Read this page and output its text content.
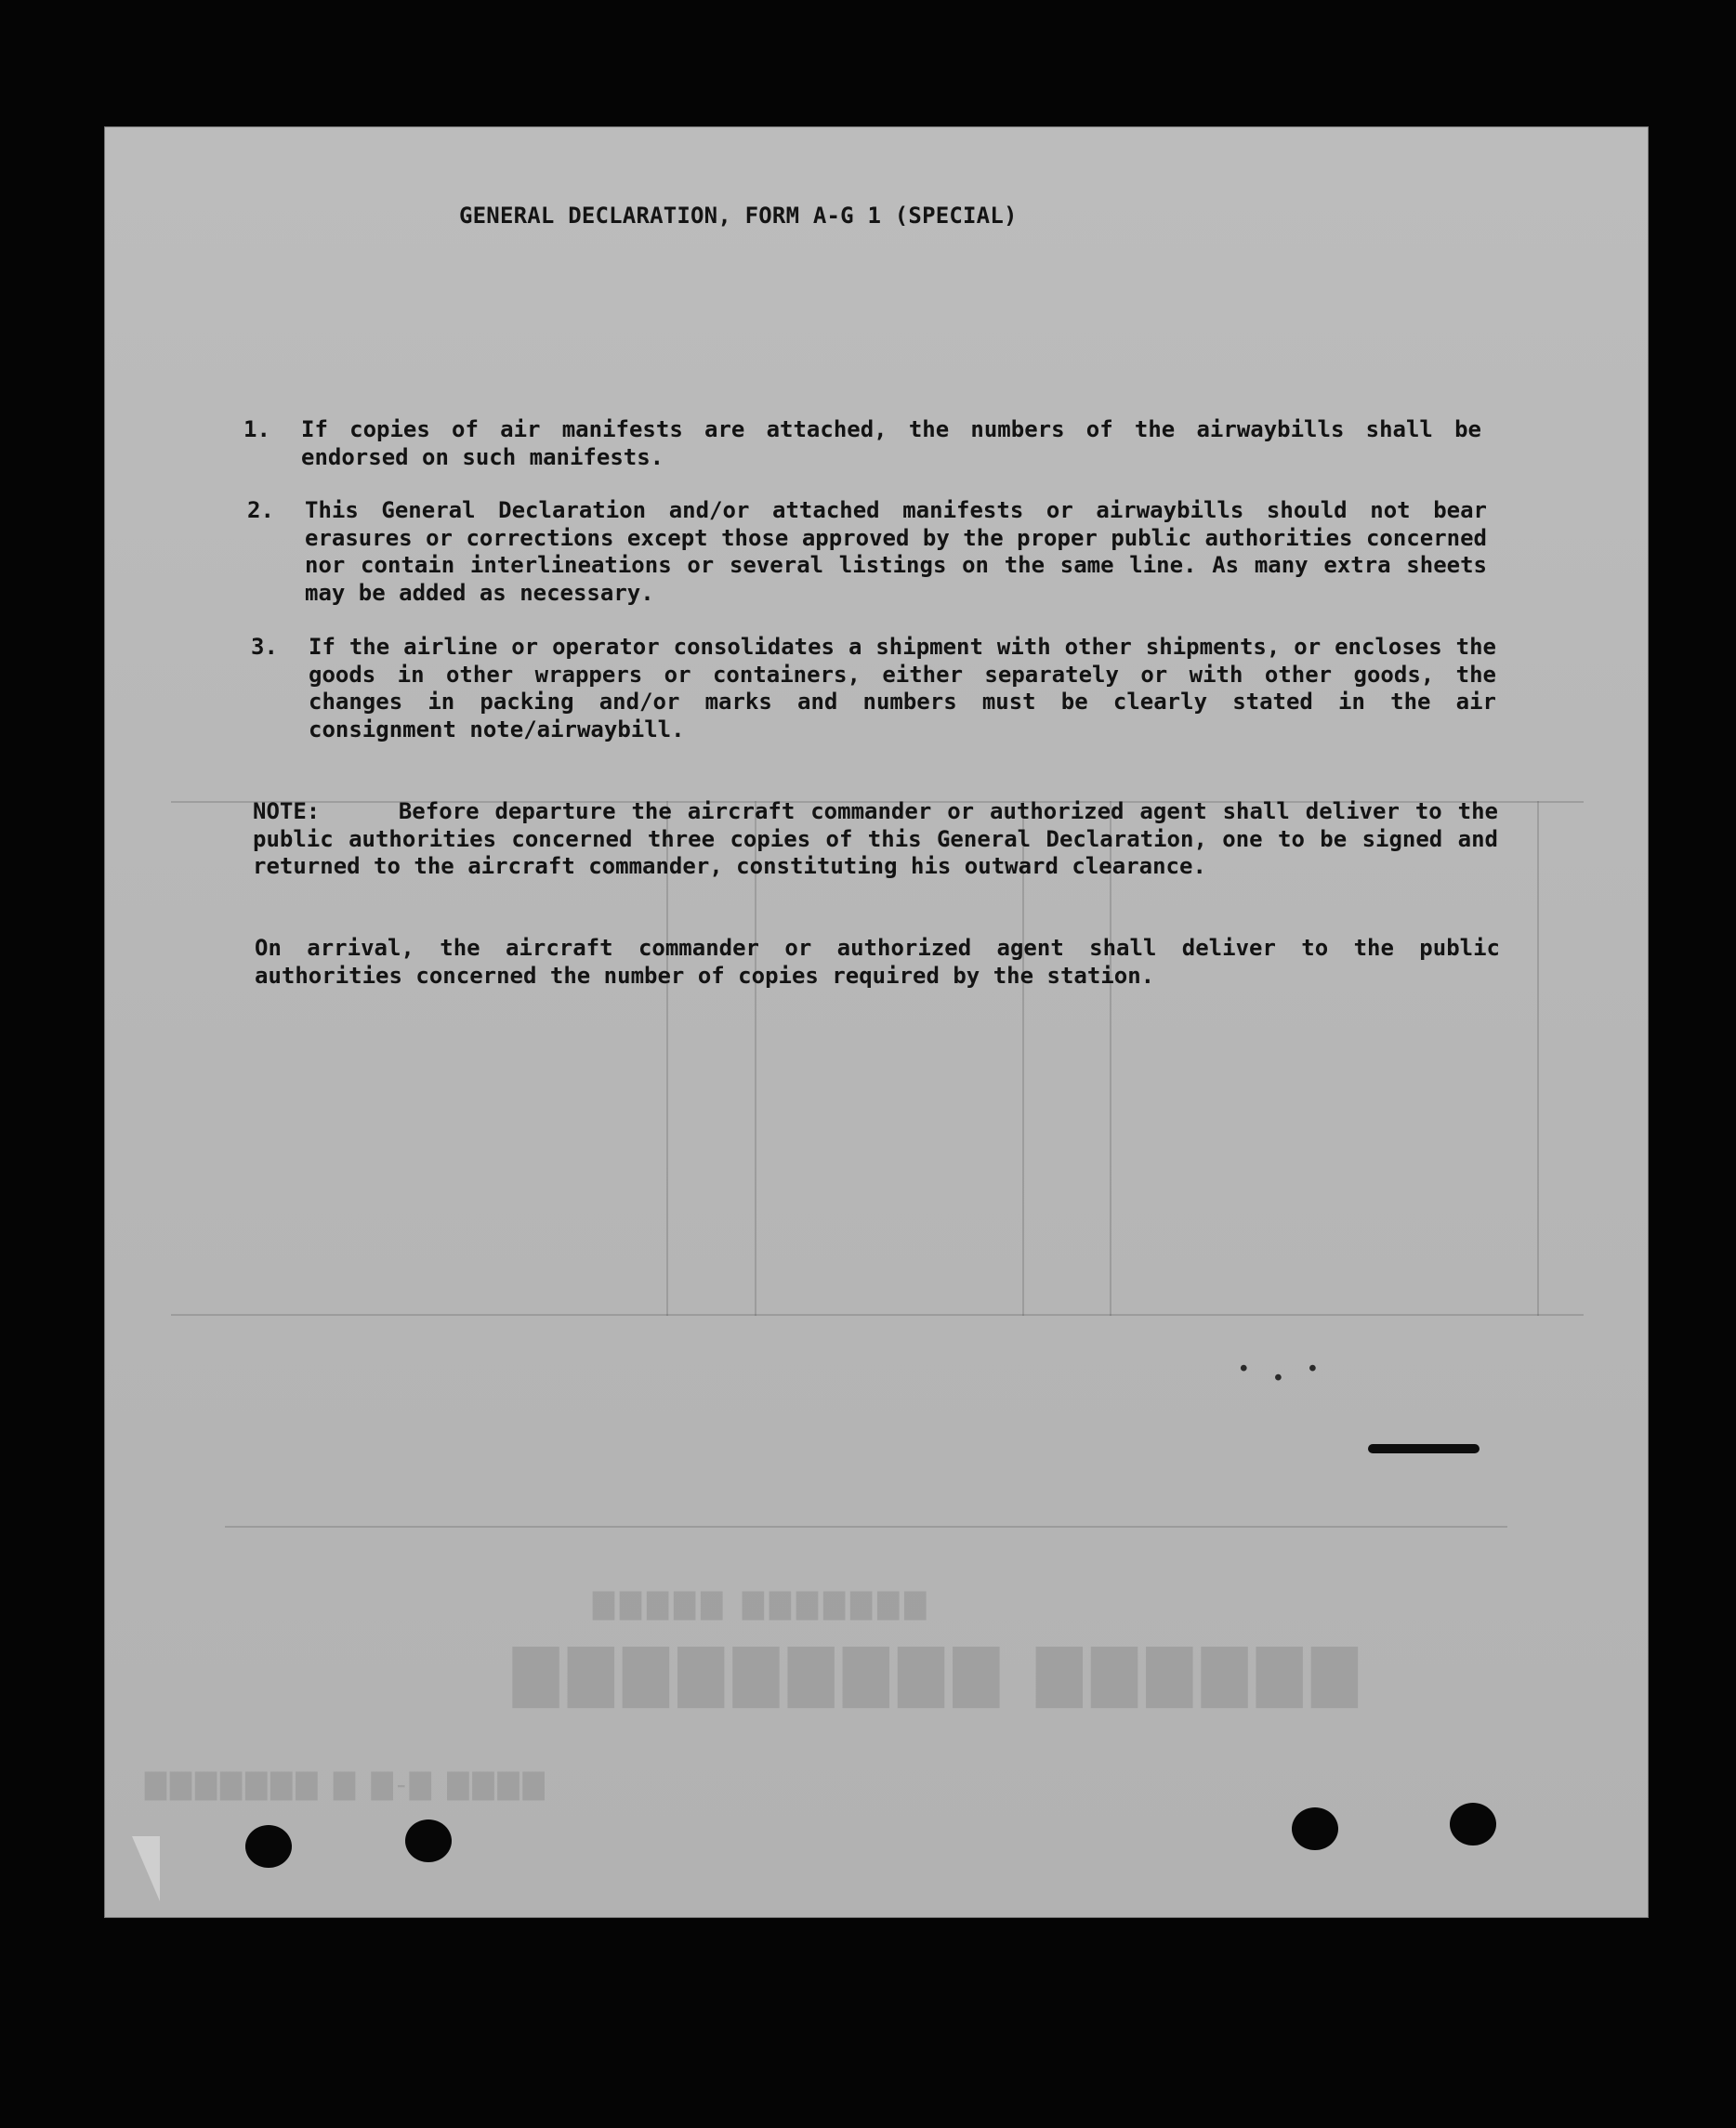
▇▇▇▇▇▇ ▇▇▇▇▇▇▇▇▇
▇▇▇▇▇▇▇ ▇▇▇▇▇
▇▇▇▇ ▇-▇ ▇ ▇▇▇▇▇▇▇
· . ·
GENERAL DECLARATION, FORM A-G 1 (SPECIAL)
1. If copies of air manifests are attached, the numbers of the airwaybills shall be endorsed on such manifests.
2. This General Declaration and/or attached manifests or airwaybills should not bear erasures or corrections except those approved by the proper public authorities concerned nor contain interlineations or several listings on the same line. As many extra sheets may be added as necessary.
3. If the airline or operator consolidates a shipment with other shipments, or encloses the goods in other wrappers or containers, either separately or with other goods, the changes in packing and/or marks and numbers must be clearly stated in the air consignment note/airwaybill.
NOTE:	Before departure the aircraft commander or authorized agent shall deliver to the public authorities concerned three copies of this General Declaration, one to be signed and returned to the aircraft commander, constituting his outward clearance.
On arrival, the aircraft commander or authorized agent shall deliver to the public authorities concerned the number of copies required by the station.
